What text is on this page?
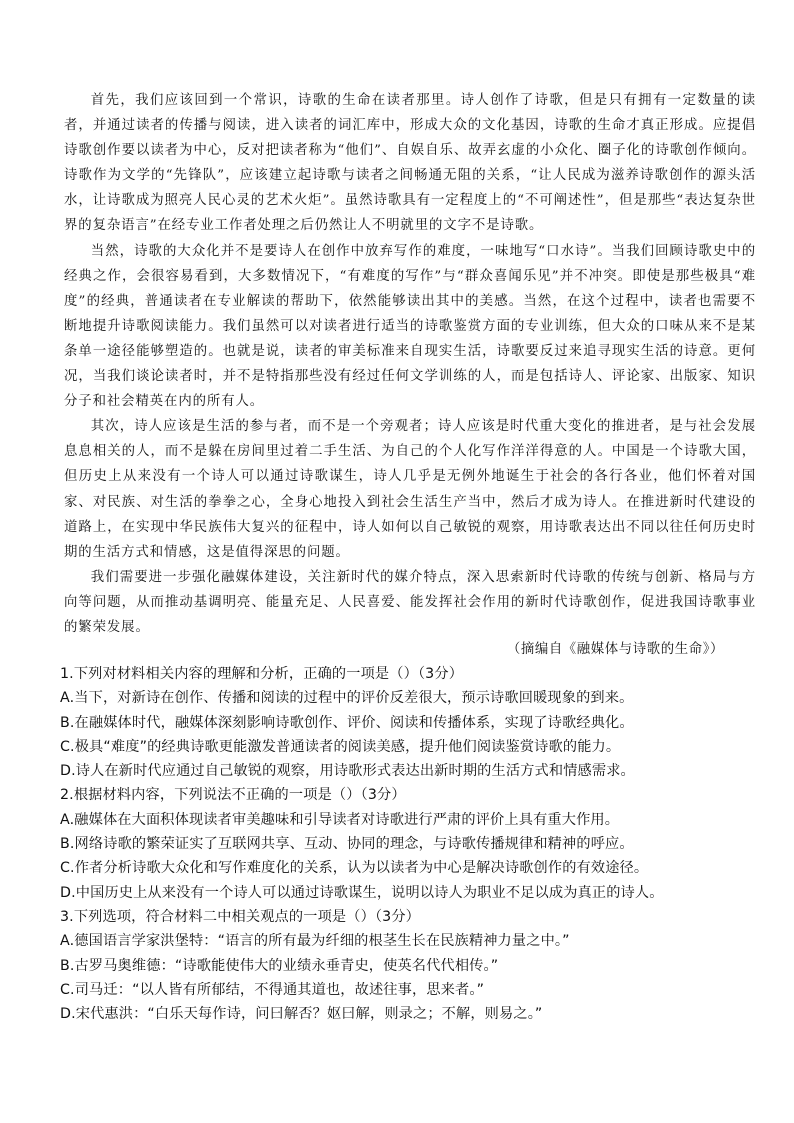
首先，我们应该回到一个常识，诗歌的生命在读者那里。诗人创作了诗歌，但是只有拥有一定数量的读者，并通过读者的传播与阅读，进入读者的词汇库中，形成大众的文化基因，诗歌的生命才真正形成。应提倡诗歌创作要以读者为中心，反对把读者称为“他们”、自娱自乐、故弄玄虚的小众化、圈子化的诗歌创作倾向。诗歌作为文学的“先锋队”，应该建立起诗歌与读者之间畅通无阻的关系，“让人民成为滋养诗歌创作的源头活水，让诗歌成为照亮人民心灵的艺术火炬”。虽然诗歌具有一定程度上的“不可阐述性”，但是那些“表达复杂世界的复杂语言”在经专业工作者处理之后仍然让人不明就里的文字不是诗歌。

当然，诗歌的大众化并不是要诗人在创作中放弃写作的难度，一味地写“口水诗”。当我们回顾诗歌史中的经典之作，会很容易看到，大多数情况下，“有难度的写作”与“群众喜闻乐见”并不冲突。即使是那些极具“难度”的经典，普通读者在专业解读的帮助下，依然能够读出其中的美感。当然，在这个过程中，读者也需要不断地提升诗歌阅读能力。我们虽然可以对读者进行适当的诗歌鉴赏方面的专业训练，但大众的口味从来不是某条单一途径能够塑造的。也就是说，读者的审美标准来自现实生活，诗歌要反过来追寻现实生活的诗意。更何况，当我们谈论读者时，并不是特指那些没有经过任何文学训练的人，而是包括诗人、评论家、出版家、知识分子和社会精英在内的所有人。

其次，诗人应该是生活的参与者，而不是一个旁观者；诗人应该是时代重大变化的推进者，是与社会发展息息相关的人，而不是躲在房间里过着二手生活、为自己的个人化写作洋洋得意的人。中国是一个诗歌大国，但历史上从来没有一个诗人可以通过诗歌谋生，诗人几乎是无例外地诞生于社会的各行各业，他们怀着对国家、对民族、对生活的拳拳之心，全身心地投入到社会生活生产当中，然后才成为诗人。在推进新时代建设的道路上，在实现中华民族伟大复兴的征程中，诗人如何以自己敏锐的观察，用诗歌表达出不同以往任何历史时期的生活方式和情感，这是值得深思的问题。

我们需要进一步强化融媒体建设，关注新时代的媒介特点，深入思索新时代诗歌的传统与创新、格局与方向等问题，从而推动基调明亮、能量充足、人民喜爱、能发挥社会作用的新时代诗歌创作，促进我国诗歌事业的繁荣发展。

（摘编自《融媒体与诗歌的生命》）

1.下列对材料相关内容的理解和分析，正确的一项是（）（3分）

A.当下，对新诗在创作、传播和阅读的过程中的评价反差很大，预示诗歌回暖现象的到来。

B.在融媒体时代，融媒体深刻影响诗歌创作、评价、阅读和传播体系，实现了诗歌经典化。

C.极具“难度”的经典诗歌更能激发普通读者的阅读美感，提升他们阅读鉴赏诗歌的能力。

D.诗人在新时代应通过自己敏锐的观察，用诗歌形式表达出新时期的生活方式和情感需求。

2.根据材料内容，下列说法不正确的一项是（）（3分）

A.融媒体在大面积体现读者审美趣味和引导读者对诗歌进行严肃的评价上具有重大作用。

B.网络诗歌的繁荣证实了互联网共享、互动、协同的理念，与诗歌传播规律和精神的呼应。

C.作者分析诗歌大众化和写作难度化的关系，认为以读者为中心是解决诗歌创作的有效途径。

D.中国历史上从来没有一个诗人可以通过诗歌谋生，说明以诗人为职业不足以成为真正的诗人。

3.下列选项，符合材料二中相关观点的一项是（）（3分）

A.德国语言学家洪堡特：“语言的所有最为纤细的根茎生长在民族精神力量之中。”

B.古罗马奥维德：“诗歌能使伟大的业绩永垂青史，使英名代代相传。”

C.司马迁：“以人皆有所郁结，不得通其道也，故述往事，思来者。”

D.宋代惠洪：“白乐天每作诗，问曰解否？妪曰解，则录之；不解，则易之。”
